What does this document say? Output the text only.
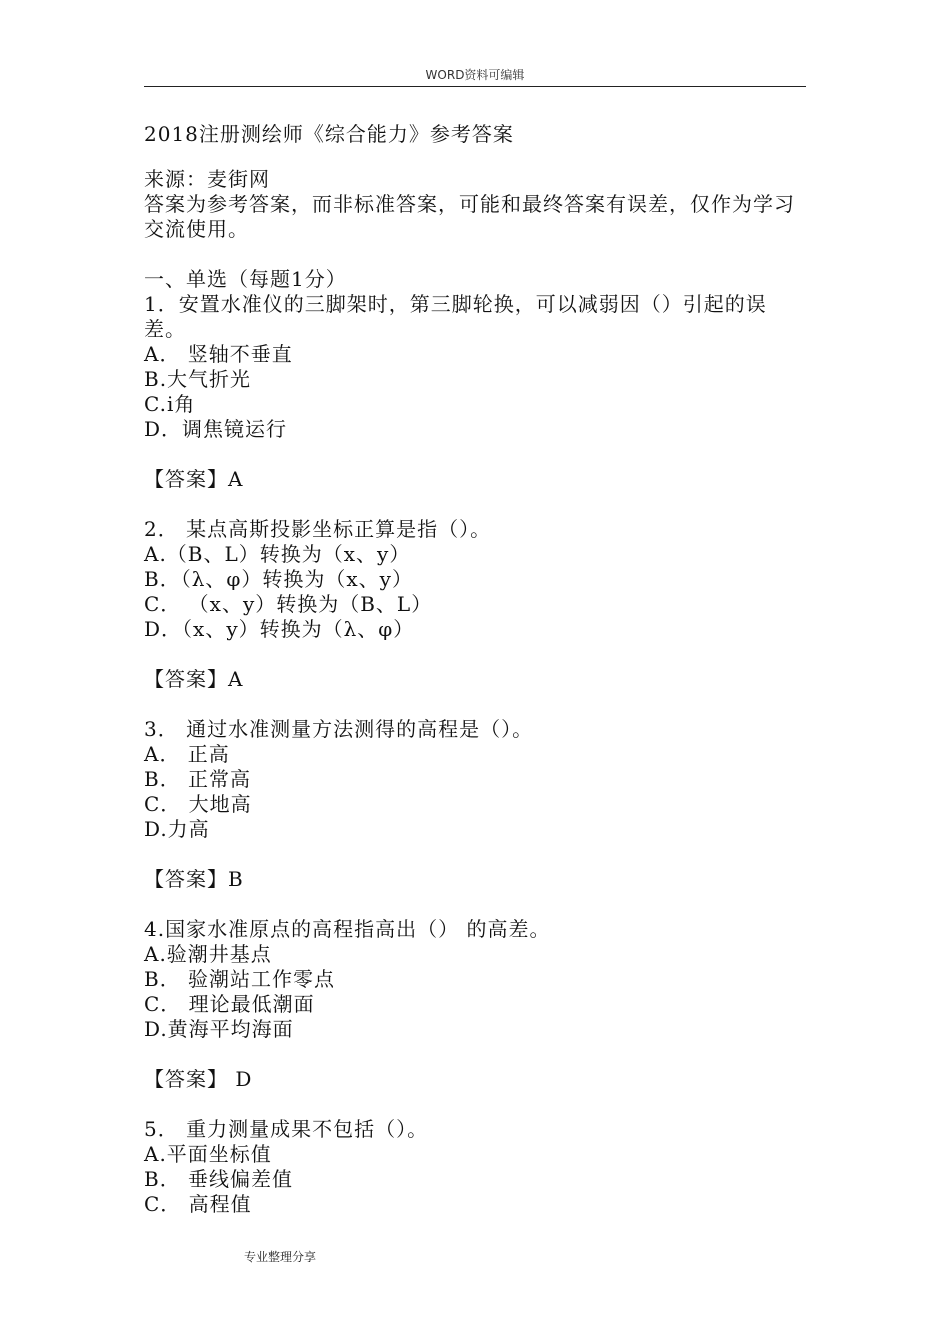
WORD资料可编辑
2018注册测绘师《综合能力》参考答案
来源：麦街网
答案为参考答案，而非标准答案，可能和最终答案有误差，仅作为学习交流使用。
一、单选（每题1分）
1．安置水准仪的三脚架时，第三脚轮换，可以减弱因（）引起的误差。
A． 竖轴不垂直
B.大气折光
C.i角
D．调焦镜运行
【答案】A
2． 某点高斯投影坐标正算是指（）。
A.（B、L）转换为（x、y）
B．（λ、φ）转换为（x、y）
C． （x、y）转换为（B、L）
D．（x、y）转换为（λ、φ）
【答案】A
3． 通过水准测量方法测得的高程是（）。
A． 正高
B． 正常高
C． 大地高
D.力高
【答案】B
4.国家水准原点的高程指高出（） 的高差。
A.验潮井基点
B． 验潮站工作零点
C． 理论最低潮面
D.黄海平均海面
【答案】 D
5． 重力测量成果不包括（）。
A.平面坐标值
B． 垂线偏差值
C． 高程值
专业整理分享
